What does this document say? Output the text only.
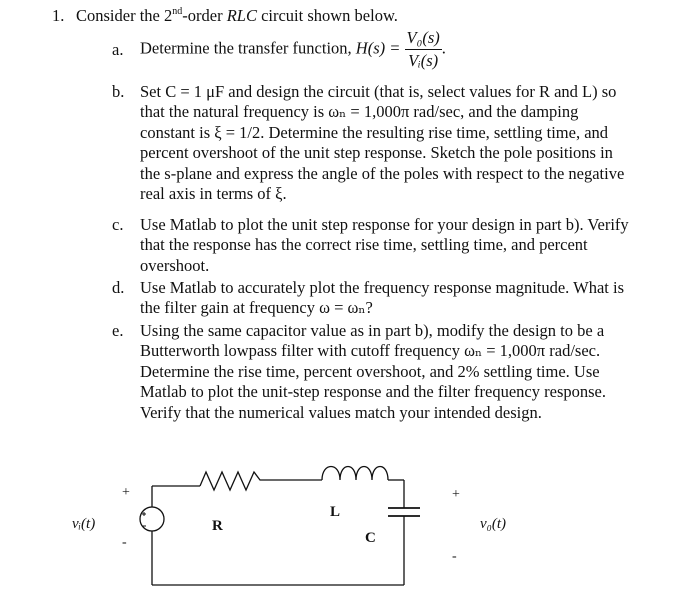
1. Consider the 2nd-order RLC circuit shown below.
a. Determine the transfer function, $H(s) = \frac{\text{V₀(s)}}{\text{Vᵢ(s)}}$ .
b. Set C = 1 μF and design the circuit (that is, select values for R and L) so
that the natural frequency is ωₙ = 1,000π rad/sec, and the damping
constant is ξ = 1/2. Determine the resulting rise time, settling time, and
percent overshoot of the unit step response. Sketch the pole positions in
the s-plane and express the angle of the poles with respect to the negative
real axis in terms of ξ.
c. Use Matlab to plot the unit step response for your design in part b). Verify
that the response has the correct rise time, settling time, and percent
overshoot.
d. Use Matlab to accurately plot the frequency response magnitude. What is
the filter gain at frequency ω = ωₙ?
e. Using the same capacitor value as in part b), modify the design to be a
Butterworth lowpass filter with cutoff frequency ωₙ = 1,000π rad/sec.
Determine the rise time, percent overshoot, and 2% settling time. Use
Matlab to plot the unit-step response and the filter frequency response.
Verify that the numerical values match your intended design.
+
-
vᵢ(t)	R
L
C
+
-
v₀(t)
